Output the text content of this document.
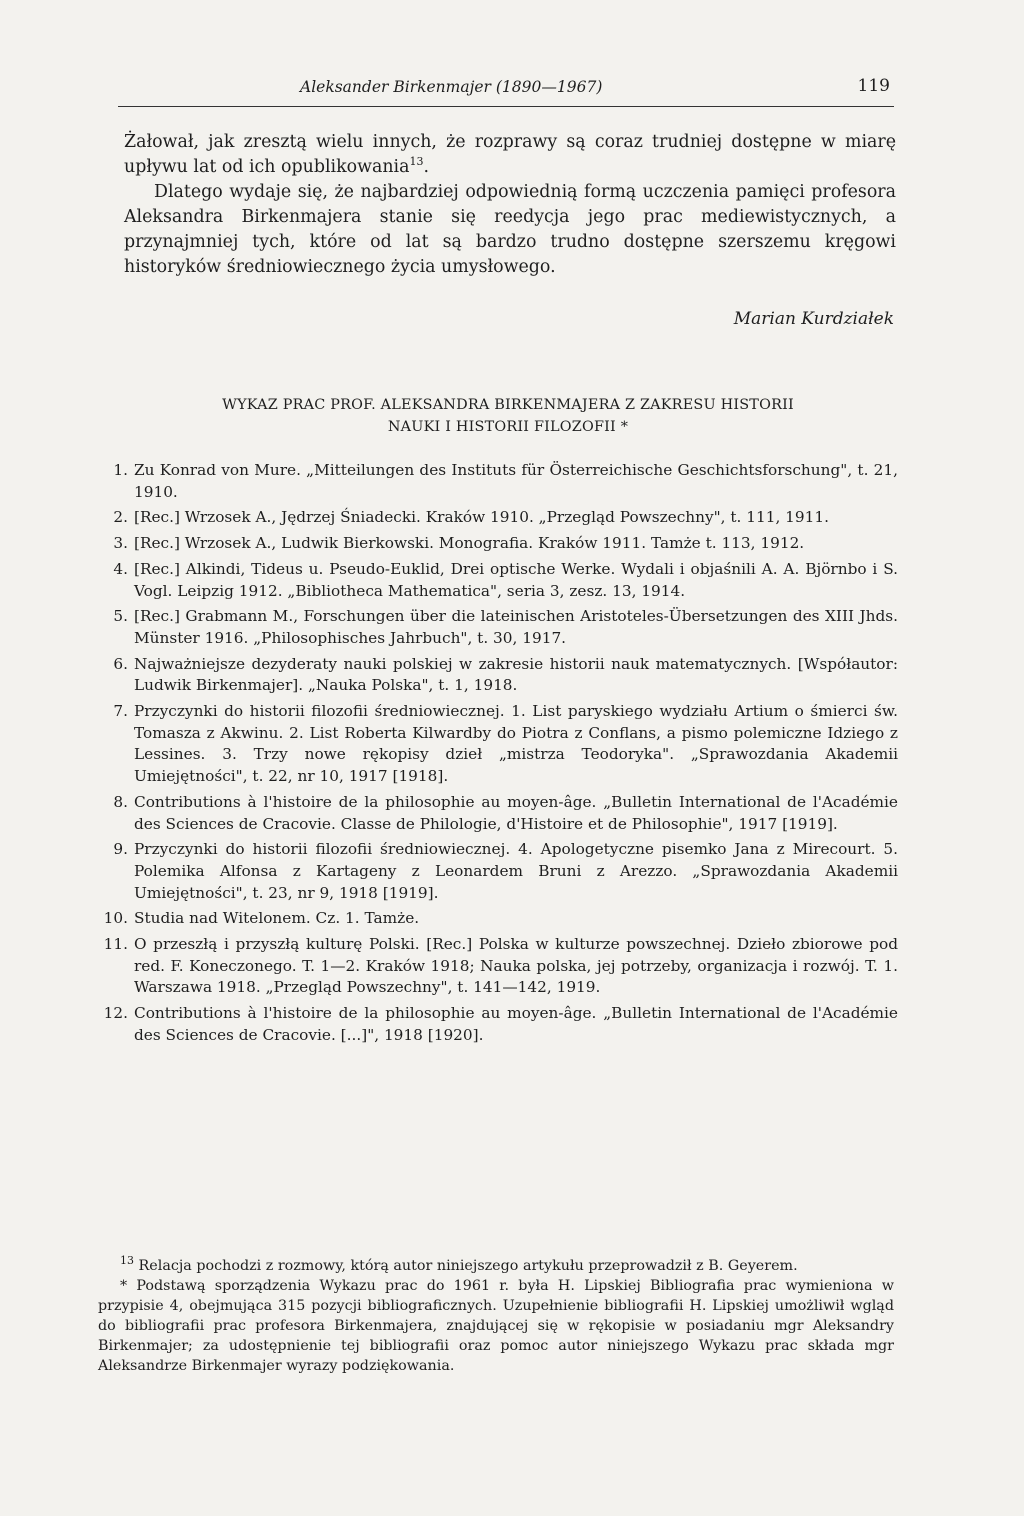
Aleksander Birkenmajer (1890—1967)	119

Żałował, jak zresztą wielu innych, że rozprawy są coraz trudniej dostępne w miarę upływu lat od ich opublikowania$^{13}$.

Dlatego wydaje się, że najbardziej odpowiednią formą uczczenia pamięci profesora Aleksandra Birkenmajera stanie się reedycja jego prac mediewistycznych, a przynajmniej tych, które od lat są bardzo trudno dostępne szerszemu kręgowi historyków średniowiecznego życia umysłowego.

Marian Kurdziałek
WYKAZ PRAC PROF. ALEKSANDRA BIRKENMAJERA Z ZAKRESU HISTORII
NAUKI I HISTORII FILOZOFII *
1. Zu Konrad von Mure. „Mitteilungen des Instituts für Österreichische Geschichtsforschung", t. 21, 1910.
2. [Rec.] Wrzosek A., Jędrzej Śniadecki. Kraków 1910. „Przegląd Powszechny", t. 111, 1911.
3. [Rec.] Wrzosek A., Ludwik Bierkowski. Monografia. Kraków 1911. Tamże t. 113, 1912.
4. [Rec.] Alkindi, Tideus u. Pseudo-Euklid, Drei optische Werke. Wydali i objaśnili A. A. Björnbo i S. Vogl. Leipzig 1912. „Bibliotheca Mathematica", seria 3, zesz. 13, 1914.
5. [Rec.] Grabmann M., Forschungen über die lateinischen Aristoteles-Übersetzungen des XIII Jhds. Münster 1916. „Philosophisches Jahrbuch", t. 30, 1917.
6. Najważniejsze dezyderaty nauki polskiej w zakresie historii nauk matematycznych. [Współautor: Ludwik Birkenmajer]. „Nauka Polska", t. 1, 1918.
7. Przyczynki do historii filozofii średniowiecznej. 1. List paryskiego wydziału Artium o śmierci św. Tomasza z Akwinu. 2. List Roberta Kilwardby do Piotra z Conflans, a pismo polemiczne Idziego z Lessines. 3. Trzy nowe rękopisy dzieł „mistrza Teodoryka". „Sprawozdania Akademii Umiejętności", t. 22, nr 10, 1917 [1918].
8. Contributions à l'histoire de la philosophie au moyen-âge. „Bulletin International de l'Académie des Sciences de Cracovie. Classe de Philologie, d'Histoire et de Philosophie", 1917 [1919].
9. Przyczynki do historii filozofii średniowiecznej. 4. Apologetyczne pisemko Jana z Mirecourt. 5. Polemika Alfonsa z Kartageny z Leonardem Bruni z Arezzo. „Sprawozdania Akademii Umiejętności", t. 23, nr 9, 1918 [1919].
10. Studia nad Witelonem. Cz. 1. Tamże.
11. O przeszłą i przyszłą kulturę Polski. [Rec.] Polska w kulturze powszechnej. Dzieło zbiorowe pod red. F. Koneczonego. T. 1—2. Kraków 1918; Nauka polska, jej potrzeby, organizacja i rozwój. T. 1. Warszawa 1918. „Przegląd Powszechny", t. 141—142, 1919.
12. Contributions à l'histoire de la philosophie au moyen-âge. „Bulletin International de l'Académie des Sciences de Cracovie. [...]", 1918 [1920].

$^{13}$ Relacja pochodzi z rozmowy, którą autor niniejszego artykułu przeprowadził z B. Geyerem.

* Podstawą sporządzenia Wykazu prac do 1961 r. była H. Lipskiej Bibliografia prac wymieniona w przypisie 4, obejmująca 315 pozycji bibliograficznych. Uzupełnienie bibliografii H. Lipskiej umożliwił wgląd do bibliografii prac profesora Birkenmajera, znajdującej się w rękopisie w posiadaniu mgr Aleksandry Birkenmajer; za udostępnienie tej bibliografii oraz pomoc autor niniejszego Wykazu prac składa mgr Aleksandrze Birkenmajer wyrazy podziękowania.
